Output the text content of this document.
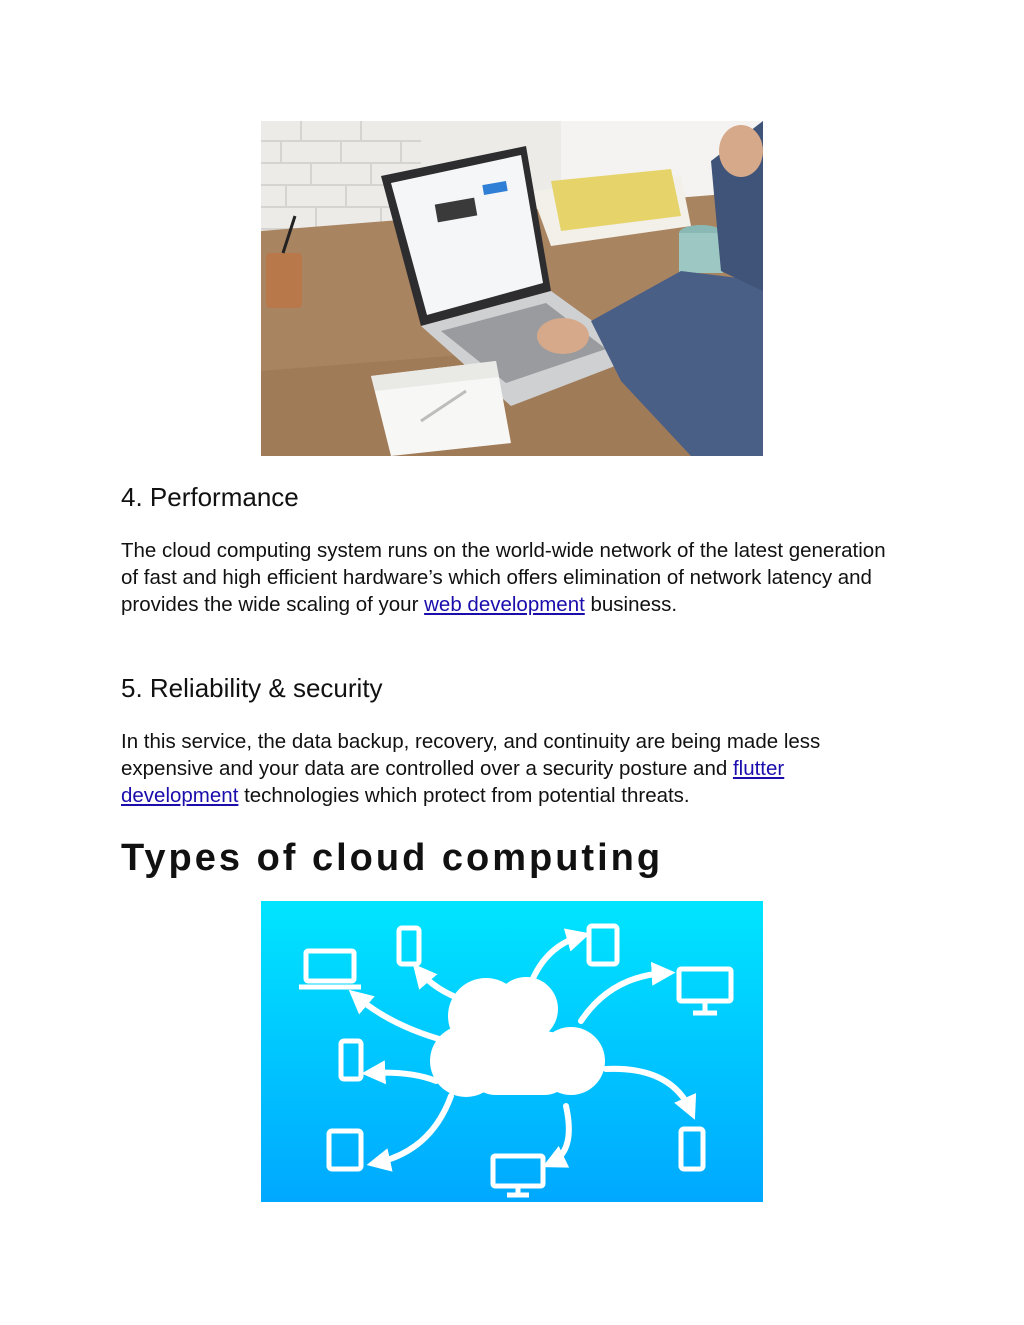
4. Performance

The cloud computing system runs on the world-wide network of the latest generation of fast and high efficient hardware’s which offers elimination of network latency and provides the wide scaling of your web development business.

5. Reliability & security

In this service, the data backup, recovery, and continuity are being made less expensive and your data are controlled over a security posture and flutter development technologies which protect from potential threats.

Types of cloud computing
